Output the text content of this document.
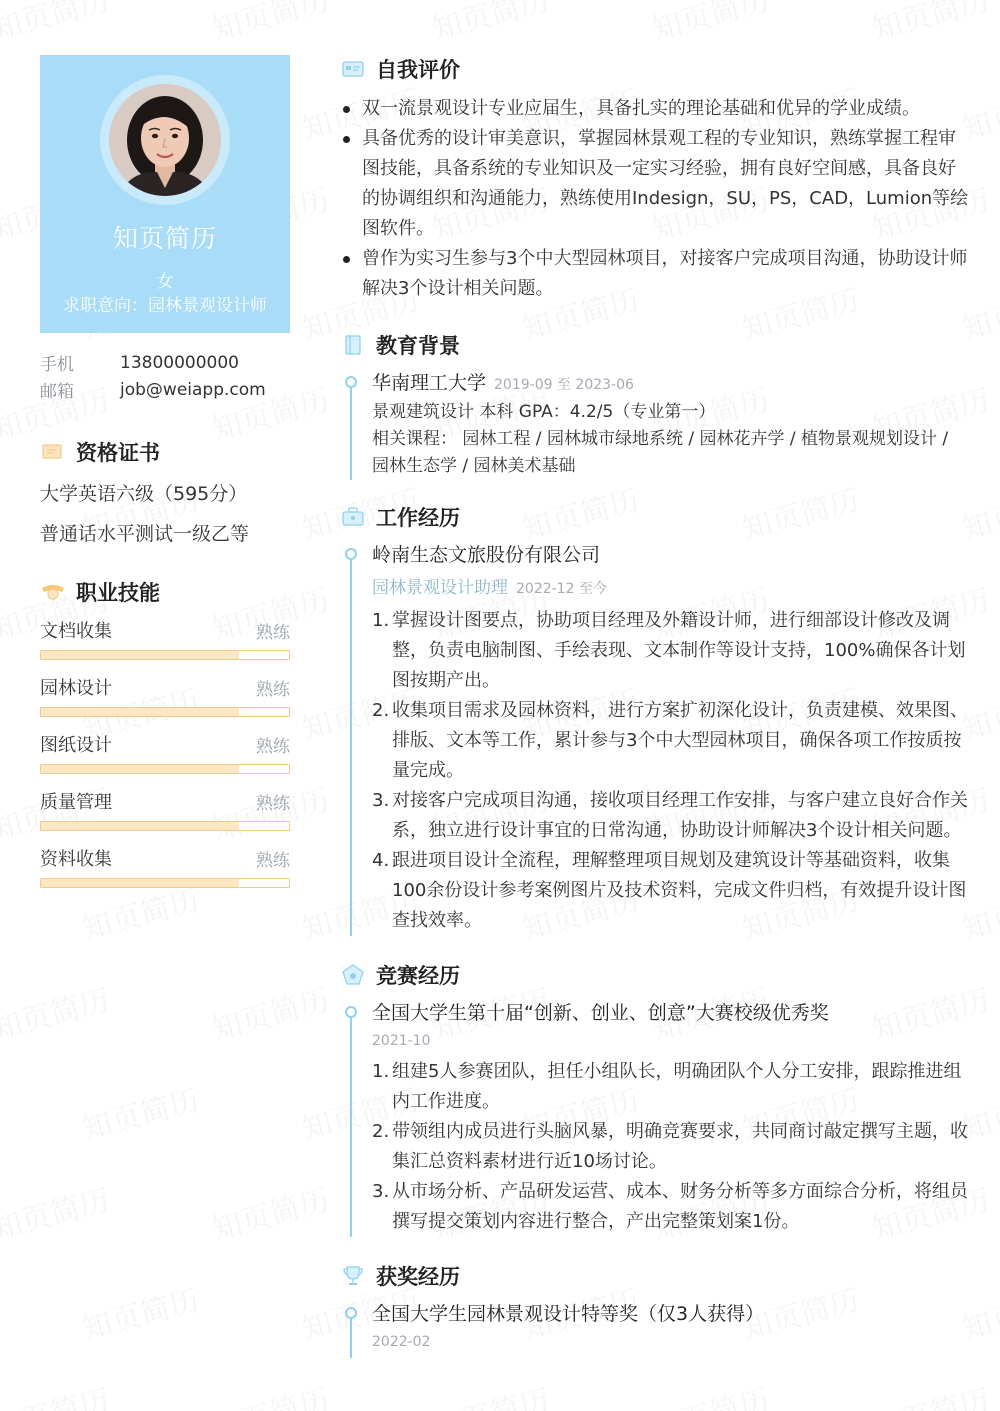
知页简历
女
求职意向：园林景观设计师
手机	13800000000
邮箱	job@weiapp.com
资格证书
大学英语六级（595分）
普通话水平测试一级乙等
职业技能
文档收集	熟练
园林设计	熟练
图纸设计	熟练
质量管理	熟练
资料收集	熟练
自我评价
双一流景观设计专业应届生，具备扎实的理论基础和优异的学业成绩。
具备优秀的设计审美意识，掌握园林景观工程的专业知识，熟练掌握工程审图技能，具备系统的专业知识及一定实习经验，拥有良好空间感，具备良好的协调组织和沟通能力，熟练使用Indesign，SU，PS，CAD，Lumion等绘图软件。
曾作为实习生参与3个中大型园林项目，对接客户完成项目沟通，协助设计师解决3个设计相关问题。
教育背景
华南理工大学 2019-09 至 2023-06
景观建筑设计 本科 GPA：4.2/5（专业第一）
相关课程： 园林工程 / 园林城市绿地系统 / 园林花卉学 / 植物景观规划设计 /
园林生态学 / 园林美术基础
工作经历
岭南生态文旅股份有限公司
园林景观设计助理 2022-12 至今
1. 掌握设计图要点，协助项目经理及外籍设计师，进行细部设计修改及调整，负责电脑制图、手绘表现、文本制作等设计支持，100%确保各计划图按期产出。
2. 收集项目需求及园林资料，进行方案扩初深化设计，负责建模、效果图、排版、文本等工作，累计参与3个中大型园林项目，确保各项工作按质按量完成。
3. 对接客户完成项目沟通，接收项目经理工作安排，与客户建立良好合作关系，独立进行设计事宜的日常沟通，协助设计师解决3个设计相关问题。
4. 跟进项目设计全流程，理解整理项目规划及建筑设计等基础资料，收集100余份设计参考案例图片及技术资料，完成文件归档，有效提升设计图查找效率。
竞赛经历
全国大学生第十届“创新、创业、创意”大赛校级优秀奖
2021-10
1. 组建5人参赛团队，担任小组队长，明确团队个人分工安排，跟踪推进组内工作进度。
2. 带领组内成员进行头脑风暴，明确竞赛要求，共同商讨敲定撰写主题，收集汇总资料素材进行近10场讨论。
3. 从市场分析、产品研发运营、成本、财务分析等多方面综合分析，将组员撰写提交策划内容进行整合，产出完整策划案1份。
获奖经历
全国大学生园林景观设计特等奖（仅3人获得）
2022-02
